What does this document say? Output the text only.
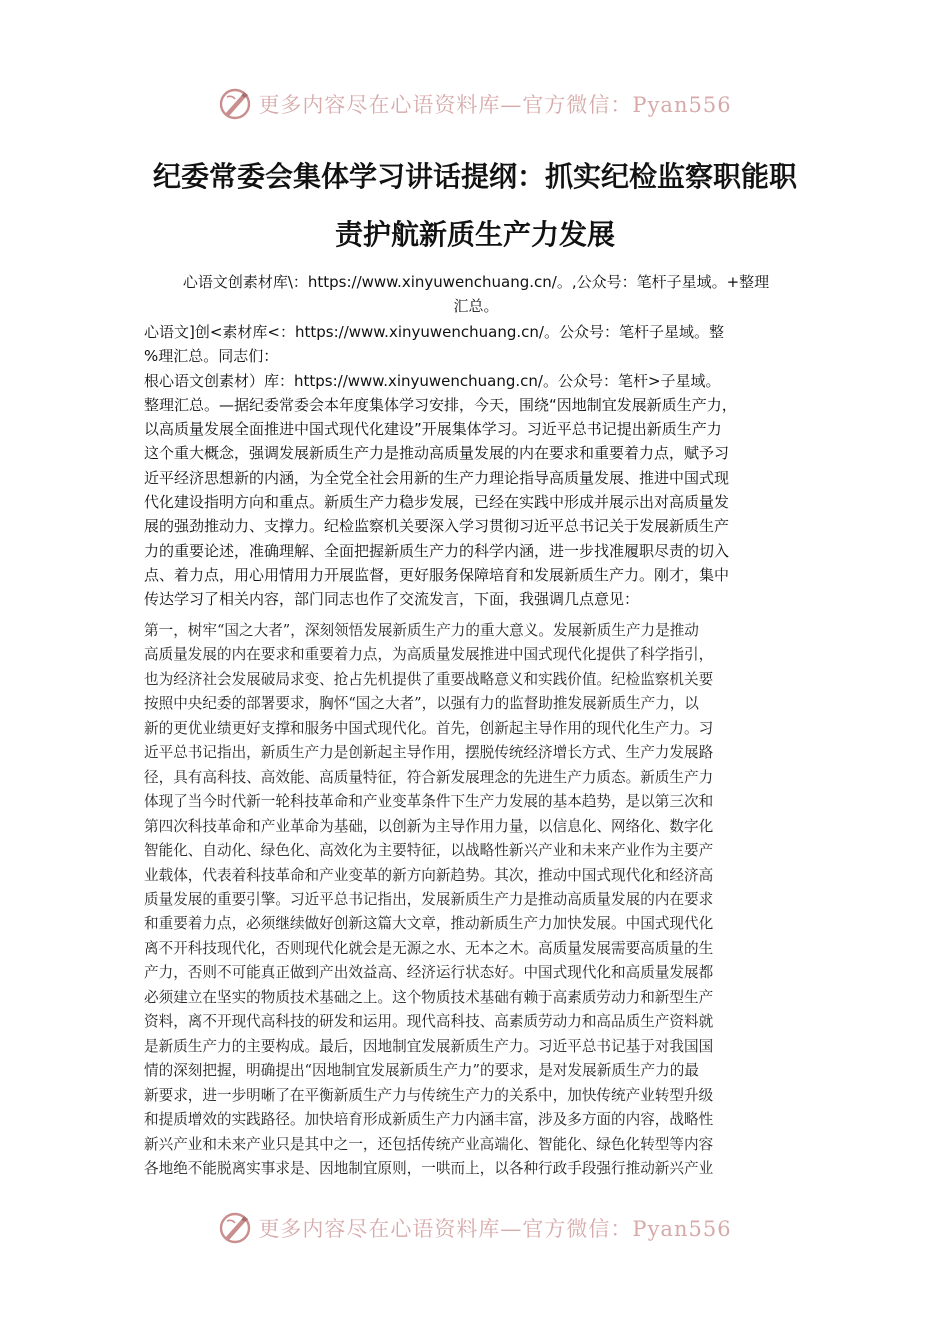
更多内容尽在心语资料库—官方微信：Pyan556
纪委常委会集体学习讲话提纲：抓实纪检监察职能职
责护航新质生产力发展
心语文创素材库\：https://www.xinyuwenchuang.cn/。,公众号：笔杆子星域。+整理
汇总。
心语文]创<素材库<：https://www.xinyuwenchuang.cn/。公众号：笔杆子星域。整
%理汇总。同志们：
根心语文创素材）库：https://www.xinyuwenchuang.cn/。公众号：笔杆>子星域。
整理汇总。—据纪委常委会本年度集体学习安排，今天，围绕“因地制宜发展新质生产力，
以高质量发展全面推进中国式现代化建设”开展集体学习。习近平总书记提出新质生产力
这个重大概念，强调发展新质生产力是推动高质量发展的内在要求和重要着力点，赋予习
近平经济思想新的内涵，为全党全社会用新的生产力理论指导高质量发展、推进中国式现
代化建设指明方向和重点。新质生产力稳步发展，已经在实践中形成并展示出对高质量发
展的强劲推动力、支撑力。纪检监察机关要深入学习贯彻习近平总书记关于发展新质生产
力的重要论述，准确理解、全面把握新质生产力的科学内涵，进一步找准履职尽责的切入
点、着力点，用心用情用力开展监督，更好服务保障培育和发展新质生产力。刚才，集中
传达学习了相关内容，部门同志也作了交流发言，下面，我强调几点意见：
第一，树牢“国之大者”，深刻领悟发展新质生产力的重大意义。发展新质生产力是推动
高质量发展的内在要求和重要着力点，为高质量发展推进中国式现代化提供了科学指引，
也为经济社会发展破局求变、抢占先机提供了重要战略意义和实践价值。纪检监察机关要
按照中央纪委的部署要求，胸怀“国之大者”，以强有力的监督助推发展新质生产力，以
新的更优业绩更好支撑和服务中国式现代化。首先，创新起主导作用的现代化生产力。习
近平总书记指出，新质生产力是创新起主导作用，摆脱传统经济增长方式、生产力发展路
径，具有高科技、高效能、高质量特征，符合新发展理念的先进生产力质态。新质生产力
体现了当今时代新一轮科技革命和产业变革条件下生产力发展的基本趋势，是以第三次和
第四次科技革命和产业革命为基础，以创新为主导作用力量，以信息化、网络化、数字化
智能化、自动化、绿色化、高效化为主要特征，以战略性新兴产业和未来产业作为主要产
业载体，代表着科技革命和产业变革的新方向新趋势。其次，推动中国式现代化和经济高
质量发展的重要引擎。习近平总书记指出，发展新质生产力是推动高质量发展的内在要求
和重要着力点，必须继续做好创新这篇大文章，推动新质生产力加快发展。中国式现代化
离不开科技现代化，否则现代化就会是无源之水、无本之木。高质量发展需要高质量的生
产力，否则不可能真正做到产出效益高、经济运行状态好。中国式现代化和高质量发展都
必须建立在坚实的物质技术基础之上。这个物质技术基础有赖于高素质劳动力和新型生产
资料，离不开现代高科技的研发和运用。现代高科技、高素质劳动力和高品质生产资料就
是新质生产力的主要构成。最后，因地制宜发展新质生产力。习近平总书记基于对我国国
情的深刻把握，明确提出“因地制宜发展新质生产力”的要求，是对发展新质生产力的最
新要求，进一步明晰了在平衡新质生产力与传统生产力的关系中，加快传统产业转型升级
和提质增效的实践路径。加快培育形成新质生产力内涵丰富，涉及多方面的内容，战略性
新兴产业和未来产业只是其中之一，还包括传统产业高端化、智能化、绿色化转型等内容
各地绝不能脱离实事求是、因地制宜原则，一哄而上，以各种行政手段强行推动新兴产业
更多内容尽在心语资料库—官方微信：Pyan556
